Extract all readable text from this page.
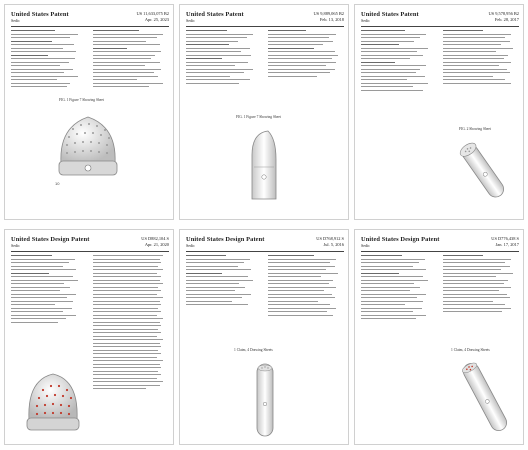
United States Patent
Sedic
US 11,633,075 B2
Apr. 25, 2023
FIG. 1 Figure 7 Showing Sheet
10
United States Patent
Sedic
US 9,889,065 B2
Feb. 13, 2018
FIG. 1 Figure 7 Showing Sheet
United States Patent
Sedic
US 9,578,956 B2
Feb. 28, 2017
FIG. 2 Showing Sheet
United States Design Patent
Sedic
US D882,104 S
Apr. 21, 2020
United States Design Patent
Sedic
US D768,912 S
Jul. 5, 2016
1 Claim, 4 Drawing Sheets
United States Design Patent
Sedic
US D776,438 S
Jan. 17, 2017
1 Claim, 4 Drawing Sheets
